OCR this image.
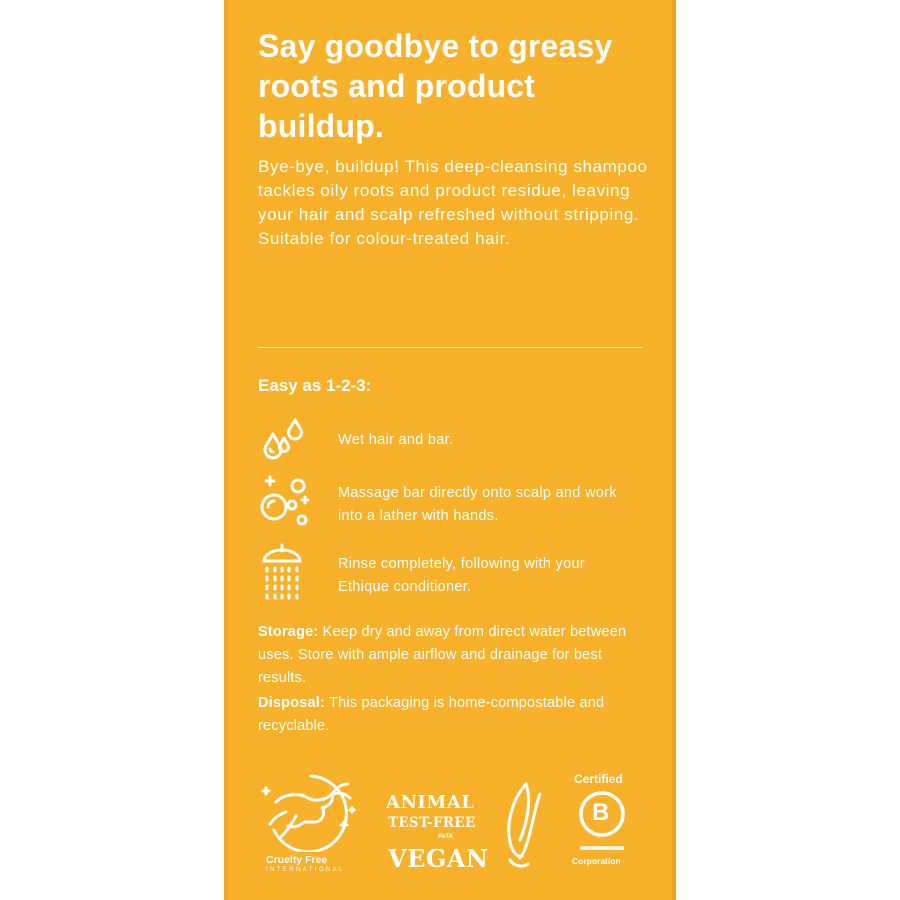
Say goodbye to greasy roots and product buildup.

Bye-bye, buildup! This deep-cleansing shampoo tackles oily roots and product residue, leaving your hair and scalp refreshed without stripping. Suitable for colour-treated hair.

Easy as 1-2-3:

Wet hair and bar.

Massage bar directly onto scalp and work into a lather with hands.

Rinse completely, following with your Ethique conditioner.

Storage: Keep dry and away from direct water between uses. Store with ample airflow and drainage for best results.

Disposal: This packaging is home-compostable and recyclable.

Cruelty Free
INTERNATIONAL
ANIMAL
TEST-FREE
PeTA
VEGAN
Certified
B
Corporation
